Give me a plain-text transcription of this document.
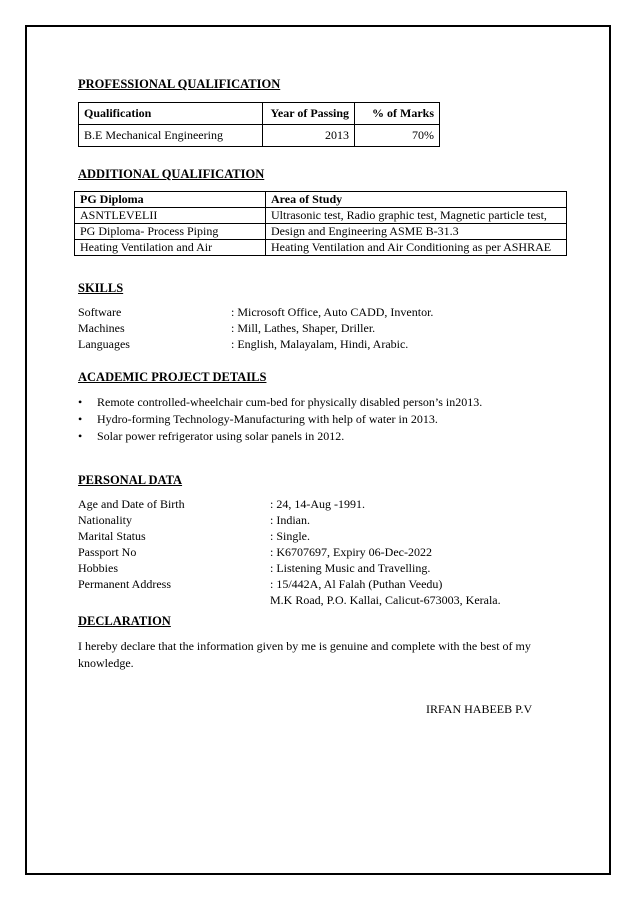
PROFESSIONAL QUALIFICATION
Qualification	Year of Passing	% of Marks
B.E Mechanical Engineering	2013	70%
ADDITIONAL QUALIFICATION
PG Diploma	Area of Study
ASNTLEVELII	Ultrasonic test, Radio graphic test, Magnetic particle test,
PG Diploma- Process Piping	Design and Engineering ASME B-31.3
Heating Ventilation and Air	Heating Ventilation and Air Conditioning as per ASHRAE
SKILLS
Software	: Microsoft Office, Auto CADD, Inventor.
Machines	: Mill, Lathes, Shaper, Driller.
Languages	: English, Malayalam, Hindi, Arabic.
ACADEMIC PROJECT DETAILS
• Remote controlled-wheelchair cum-bed for physically disabled person’s in2013.
• Hydro-forming Technology-Manufacturing with help of water in 2013.
• Solar power refrigerator using solar panels in 2012.
PERSONAL DATA
Age and Date of Birth	: 24, 14-Aug -1991.
Nationality	: Indian.
Marital Status	: Single.
Passport No	: K6707697, Expiry 06-Dec-2022
Hobbies	: Listening Music and Travelling.
Permanent Address	: 15/442A, Al Falah (Puthan Veedu)
M.K Road, P.O. Kallai, Calicut-673003, Kerala.
DECLARATION
I hereby declare that the information given by me is genuine and complete with the best of my knowledge.
IRFAN HABEEB P.V
